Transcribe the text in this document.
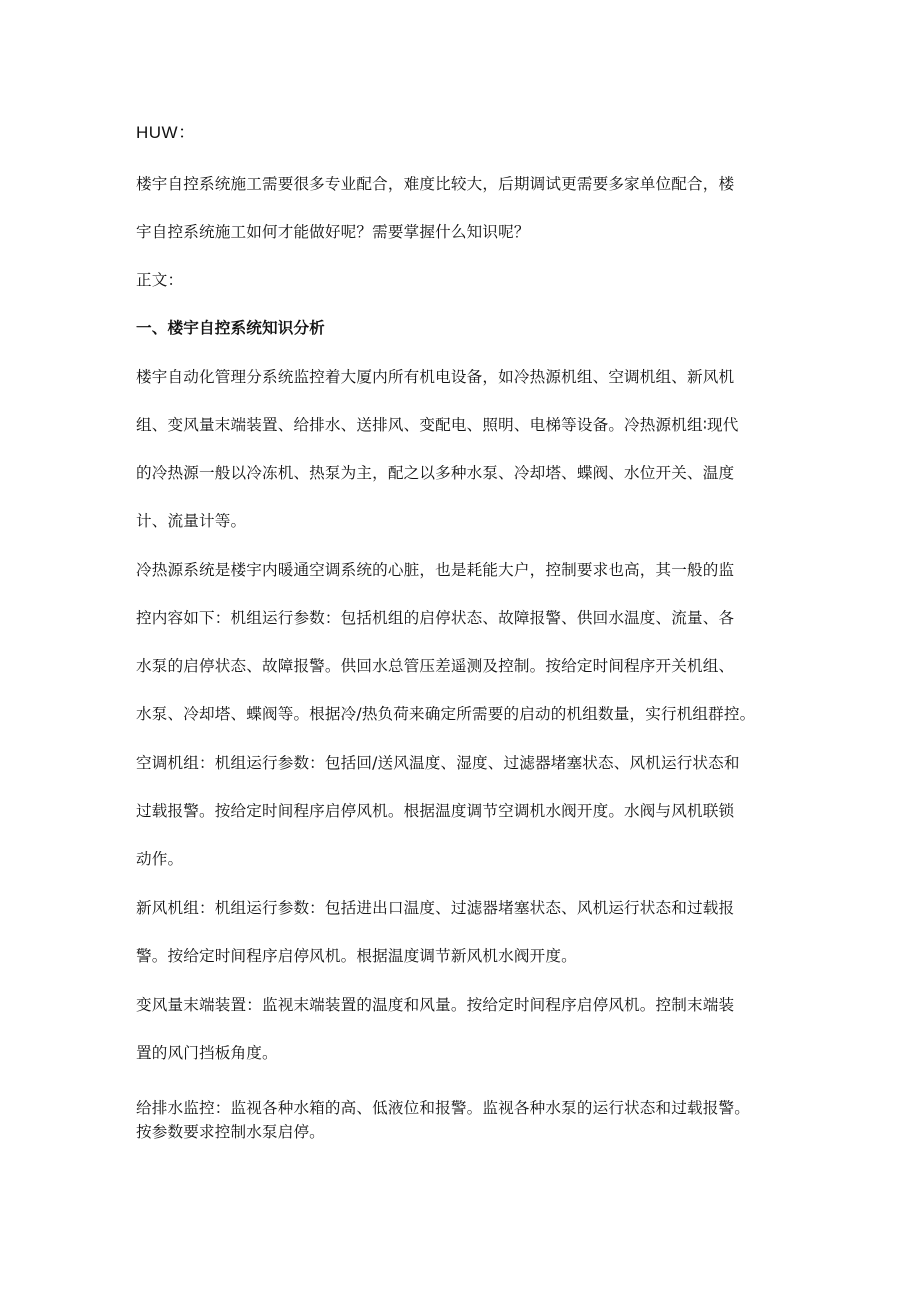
HUW：

楼宇自控系统施工需要很多专业配合，难度比较大，后期调试更需要多家单位配合，楼

宇自控系统施工如何才能做好呢？需要掌握什么知识呢？

正文：

一、楼宇自控系统知识分析

楼宇自动化管理分系统监控着大厦内所有机电设备，如冷热源机组、空调机组、新风机

组、变风量末端装置、给排水、送排风、变配电、照明、电梯等设备。冷热源机组∶现代

的冷热源一般以冷冻机、热泵为主，配之以多种水泵、冷却塔、蝶阀、水位开关、温度

计、流量计等。

冷热源系统是楼宇内暖通空调系统的心脏，也是耗能大户，控制要求也高，其一般的监

控内容如下：机组运行参数：包括机组的启停状态、故障报警、供回水温度、流量、各

水泵的启停状态、故障报警。供回水总管压差遥测及控制。按给定时间程序开关机组、

水泵、冷却塔、蝶阀等。根据冷/热负荷来确定所需要的启动的机组数量，实行机组群控。

空调机组：机组运行参数：包括回/送风温度、湿度、过滤器堵塞状态、风机运行状态和

过载报警。按给定时间程序启停风机。根据温度调节空调机水阀开度。水阀与风机联锁

动作。

新风机组：机组运行参数：包括进出口温度、过滤器堵塞状态、风机运行状态和过载报

警。按给定时间程序启停风机。根据温度调节新风机水阀开度。

变风量末端装置：监视末端装置的温度和风量。按给定时间程序启停风机。控制末端装

置的风门挡板角度。

给排水监控：监视各种水箱的高、低液位和报警。监视各种水泵的运行状态和过载报警。

按参数要求控制水泵启停。
